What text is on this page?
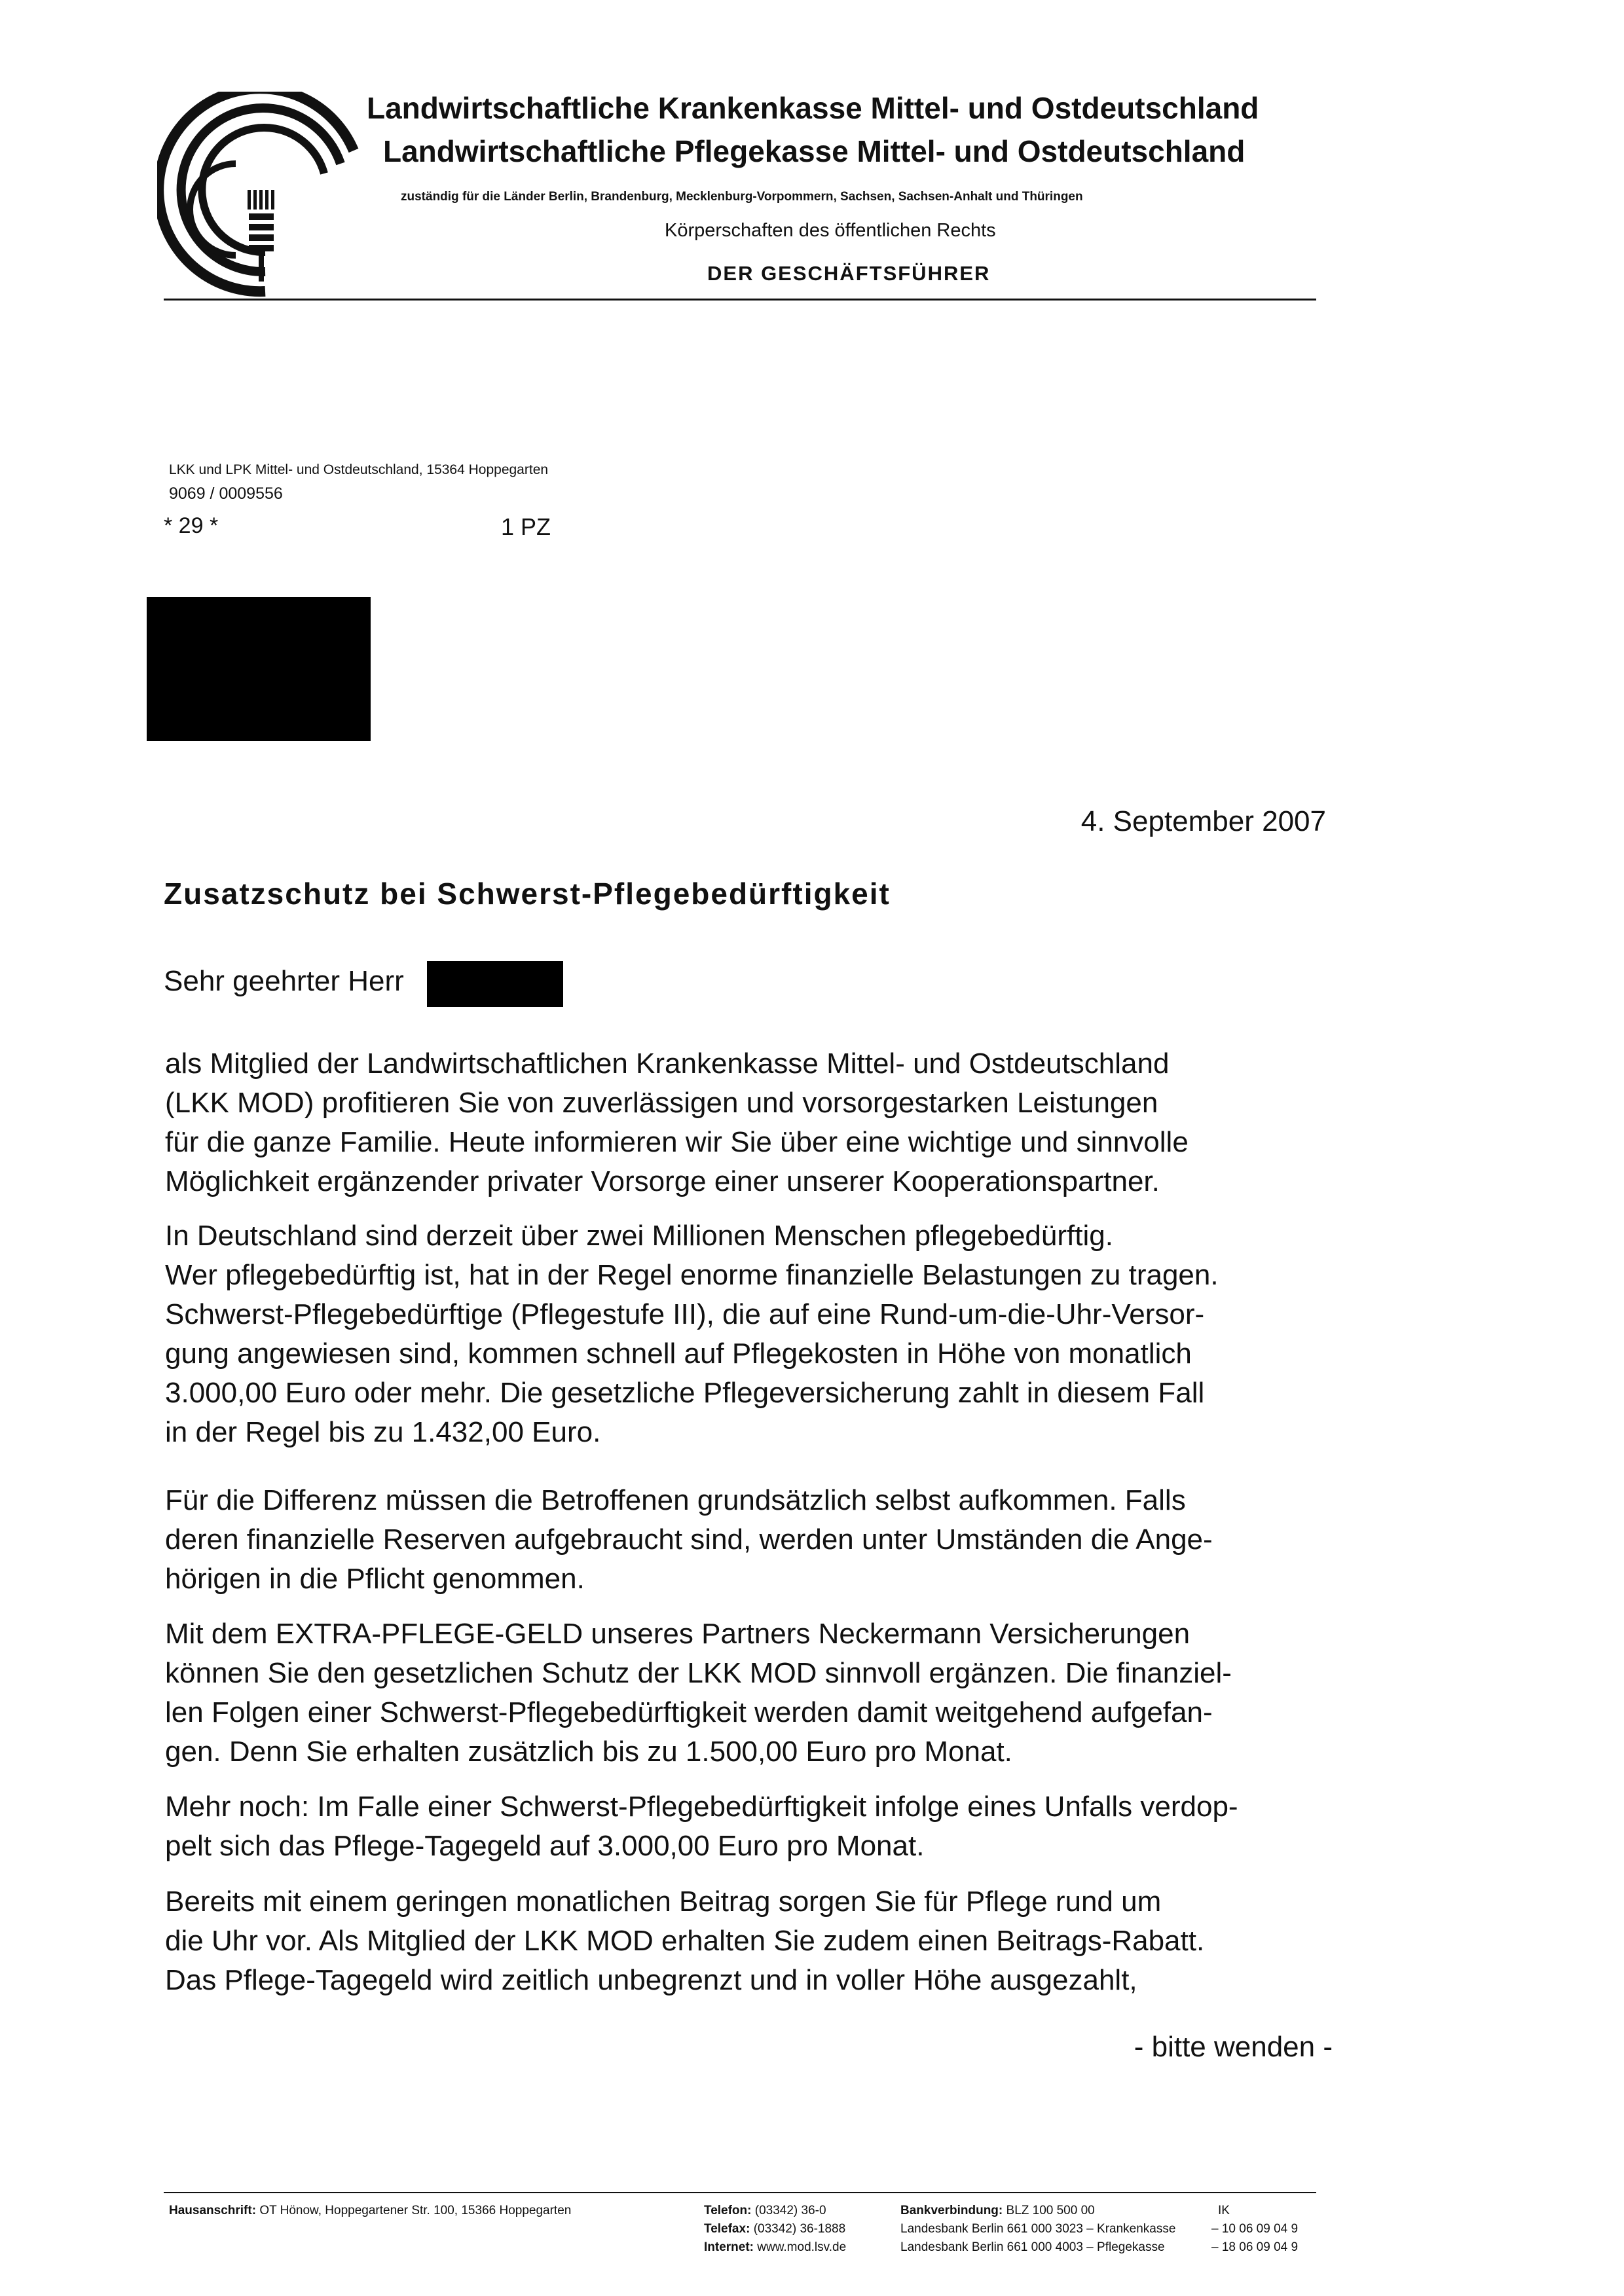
Landwirtschaftliche Krankenkasse Mittel- und Ostdeutschland
Landwirtschaftliche Pflegekasse Mittel- und Ostdeutschland
zuständig für die Länder Berlin, Brandenburg, Mecklenburg-Vorpommern, Sachsen, Sachsen-Anhalt und Thüringen
Körperschaften des öffentlichen Rechts
DER GESCHÄFTSFÜHRER
LKK und LPK Mittel- und Ostdeutschland, 15364 Hoppegarten
9069 / 0009556
* 29 *	1 PZ
4. September 2007
Zusatzschutz bei Schwerst-Pflegebedürftigkeit
Sehr geehrter Herr
als Mitglied der Landwirtschaftlichen Krankenkasse Mittel- und Ostdeutschland
(LKK MOD) profitieren Sie von zuverlässigen und vorsorgestarken Leistungen
für die ganze Familie. Heute informieren wir Sie über eine wichtige und sinnvolle
Möglichkeit ergänzender privater Vorsorge einer unserer Kooperationspartner.
In Deutschland sind derzeit über zwei Millionen Menschen pflegebedürftig.
Wer pflegebedürftig ist, hat in der Regel enorme finanzielle Belastungen zu tragen.
Schwerst-Pflegebedürftige (Pflegestufe III), die auf eine Rund-um-die-Uhr-Versor-
gung angewiesen sind, kommen schnell auf Pflegekosten in Höhe von monatlich
3.000,00 Euro oder mehr. Die gesetzliche Pflegeversicherung zahlt in diesem Fall
in der Regel bis zu 1.432,00 Euro.
Für die Differenz müssen die Betroffenen grundsätzlich selbst aufkommen. Falls
deren finanzielle Reserven aufgebraucht sind, werden unter Umständen die Ange-
hörigen in die Pflicht genommen.
Mit dem EXTRA-PFLEGE-GELD unseres Partners Neckermann Versicherungen
können Sie den gesetzlichen Schutz der LKK MOD sinnvoll ergänzen. Die finanziel-
len Folgen einer Schwerst-Pflegebedürftigkeit werden damit weitgehend aufgefan-
gen. Denn Sie erhalten zusätzlich bis zu 1.500,00 Euro pro Monat.
Mehr noch: Im Falle einer Schwerst-Pflegebedürftigkeit infolge eines Unfalls verdop-
pelt sich das Pflege-Tagegeld auf 3.000,00 Euro pro Monat.
Bereits mit einem geringen monatlichen Beitrag sorgen Sie für Pflege rund um
die Uhr vor. Als Mitglied der LKK MOD erhalten Sie zudem einen Beitrags-Rabatt.
Das Pflege-Tagegeld wird zeitlich unbegrenzt und in voller Höhe ausgezahlt,
- bitte wenden -
Hausanschrift: OT Hönow, Hoppegartener Str. 100, 15366 Hoppegarten	Telefon: (03342) 36-0
Telefax: (03342) 36-1888
Internet: www.mod.lsv.de
Bankverbindung: BLZ 100 500 00	IK
Landesbank Berlin 661 000 3023 – Krankenkasse	– 10 06 09 04 9
Landesbank Berlin 661 000 4003 – Pflegekasse	– 18 06 09 04 9
